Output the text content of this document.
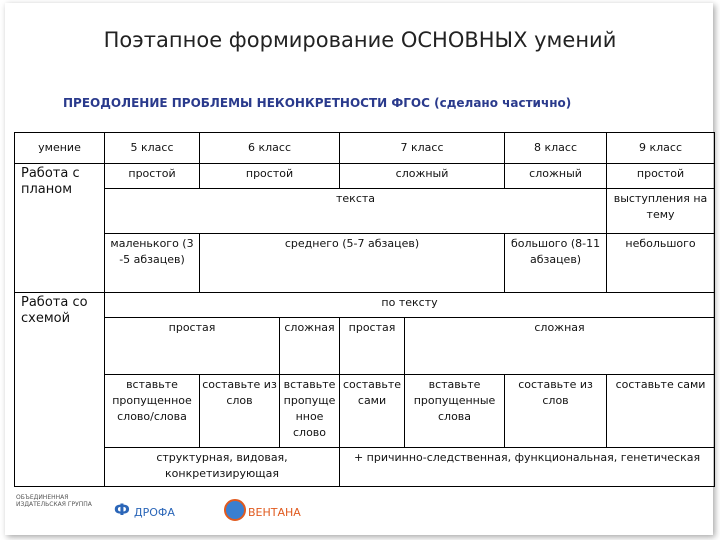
Поэтапное формирование ОСНОВНЫХ умений
ПРЕОДОЛЕНИЕ ПРОБЛЕМЫ НЕКОНКРЕТНОСТИ ФГОС (сделано частично)
умение	5 класс	6 класс		7 класс		8 класс	9 класс
Работа с планом	простой	простой		сложный		сложный	простой
	текста						выступления на тему
	маленького (3 -5 абзацев)	среднего (5-7 абзацев)				большого (8-11 абзацев)	небольшого
Работа со схемой	по тексту						
	простая		сложная	простая	сложная		
	вставьте пропущенное слово/слова	составьте из слов	вставьте пропуще нное слово	составьте сами	вставьте пропущенные слова	составьте из слов	составьте сами
	структурная, видовая, конкретизирующая			+ причинно-следственная, функциональная, генетическая			
ОБЪЕДИНЕННАЯ ИЗДАТЕЛЬСКАЯ ГРУППА	Ф ДРОФА	ВЕНТАНА
